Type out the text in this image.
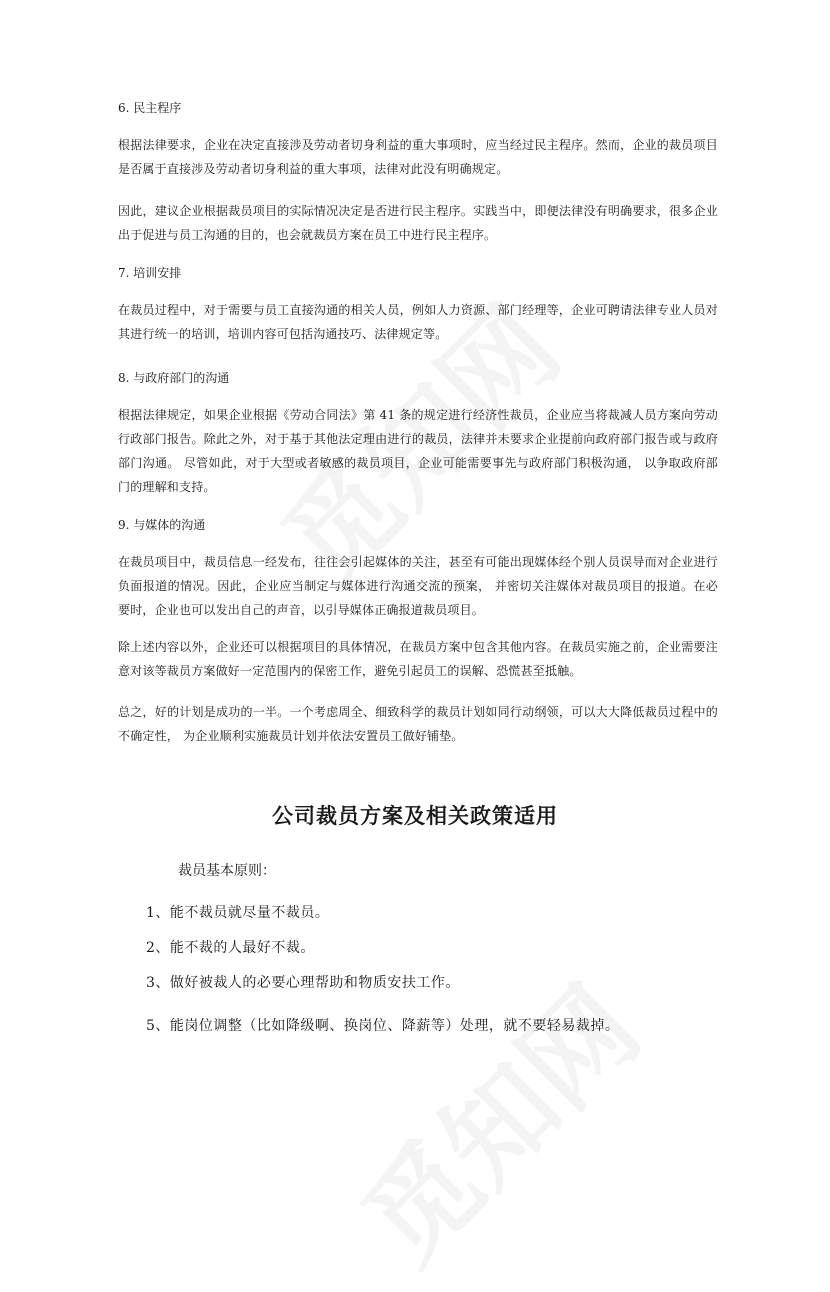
6. 民主程序

根据法律要求，企业在决定直接涉及劳动者切身利益的重大事项时，应当经过民主程序。然而，企业的裁员项目是否属于直接涉及劳动者切身利益的重大事项，法律对此没有明确规定。

因此，建议企业根据裁员项目的实际情况决定是否进行民主程序。实践当中，即便法律没有明确要求，很多企业出于促进与员工沟通的目的，也会就裁员方案在员工中进行民主程序。

7. 培训安排

在裁员过程中，对于需要与员工直接沟通的相关人员，例如人力资源、部门经理等，企业可聘请法律专业人员对其进行统一的培训，培训内容可包括沟通技巧、法律规定等。

8. 与政府部门的沟通

根据法律规定，如果企业根据《劳动合同法》第 41 条的规定进行经济性裁员，企业应当将裁减人员方案向劳动行政部门报告。除此之外，对于基于其他法定理由进行的裁员，法律并未要求企业提前向政府部门报告或与政府部门沟通。 尽管如此，对于大型或者敏感的裁员项目，企业可能需要事先与政府部门积极沟通， 以争取政府部门的理解和支持。

9. 与媒体的沟通

在裁员项目中，裁员信息一经发布，往往会引起媒体的关注，甚至有可能出现媒体经个别人员误导而对企业进行负面报道的情况。因此，企业应当制定与媒体进行沟通交流的预案， 并密切关注媒体对裁员项目的报道。在必要时，企业也可以发出自己的声音，以引导媒体正确报道裁员项目。

除上述内容以外，企业还可以根据项目的具体情况，在裁员方案中包含其他内容。在裁员实施之前，企业需要注意对该等裁员方案做好一定范围内的保密工作，避免引起员工的误解、恐慌甚至抵触。

总之，好的计划是成功的一半。一个考虑周全、细致科学的裁员计划如同行动纲领，可以大大降低裁员过程中的不确定性， 为企业顺利实施裁员计划并依法安置员工做好铺垫。

公司裁员方案及相关政策适用

裁员基本原则：

1、能不裁员就尽量不裁员。

2、能不裁的人最好不裁。

3、做好被裁人的必要心理帮助和物质安扶工作。

5、能岗位调整（比如降级啊、换岗位、降薪等）处理，就不要轻易裁掉。
